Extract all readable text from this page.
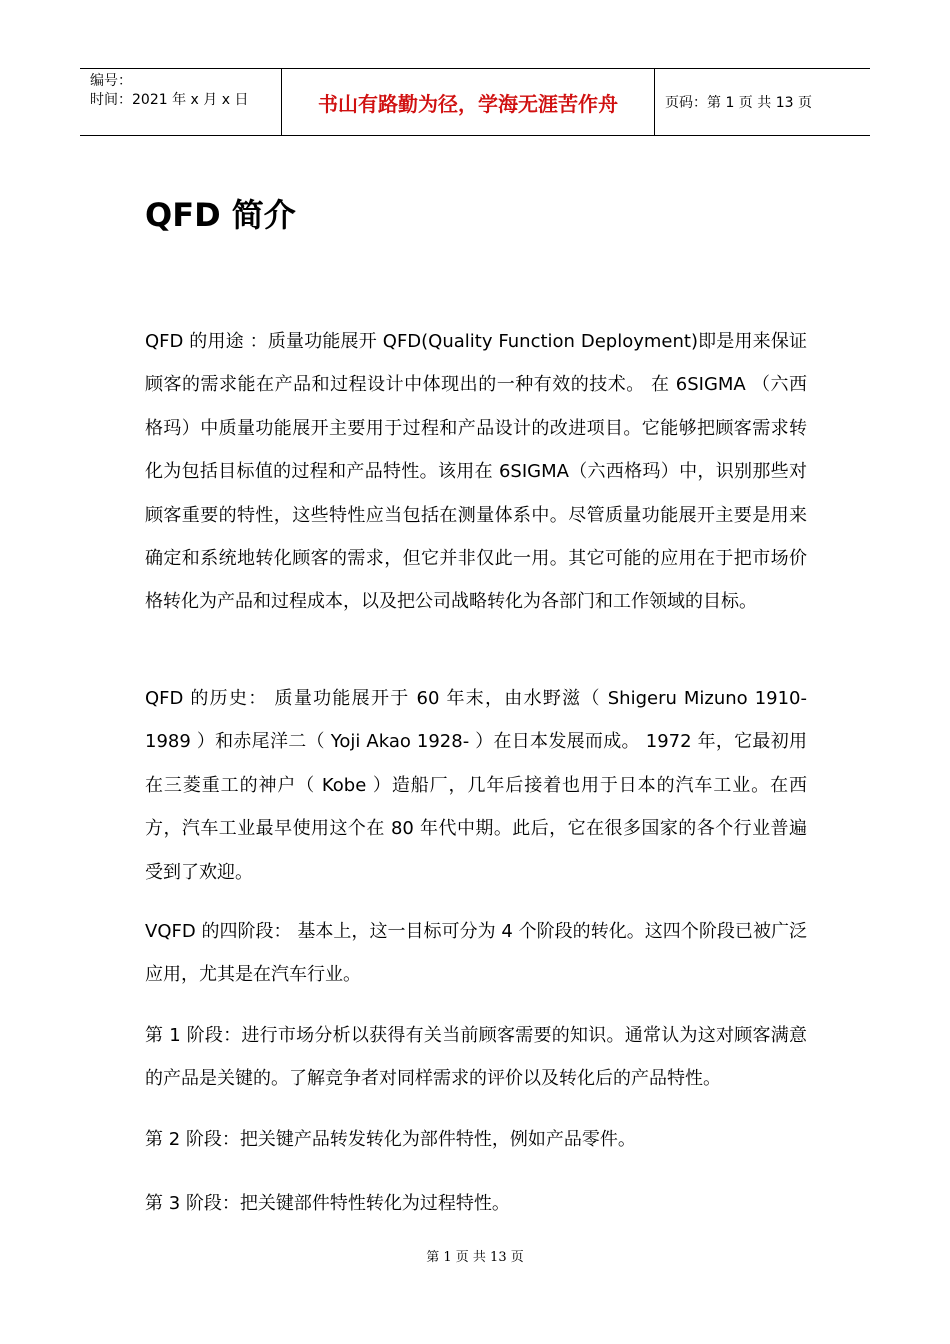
编号：
时间：2021 年 x 月 x 日	书山有路勤为径，学海无涯苦作舟	页码：第 1 页 共 13 页
QFD 简介

QFD 的用途 ：质量功能展开 QFD(Quality Function Deployment)即是用来保证顾客的需求能在产品和过程设计中体现出的一种有效的技术。 在 6SIGMA （六西格玛）中质量功能展开主要用于过程和产品设计的改进项目。它能够把顾客需求转化为包括目标值的过程和产品特性。该用在 6SIGMA（六西格玛）中，识别那些对顾客重要的特性，这些特性应当包括在测量体系中。尽管质量功能展开主要是用来确定和系统地转化顾客的需求，但它并非仅此一用。其它可能的应用在于把市场价格转化为产品和过程成本，以及把公司战略转化为各部门和工作领域的目标。

QFD 的历史： 质量功能展开于 60 年末，由水野滋（ Shigeru Mizuno 1910-1989 ）和赤尾洋二（ Yoji Akao 1928- ）在日本发展而成。 1972 年，它最初用在三菱重工的神户（ Kobe ）造船厂，几年后接着也用于日本的汽车工业。在西方，汽车工业最早使用这个在 80 年代中期。此后，它在很多国家的各个行业普遍受到了欢迎。

VQFD 的四阶段： 基本上，这一目标可分为 4 个阶段的转化。这四个阶段已被广泛应用，尤其是在汽车行业。

第 1 阶段：进行市场分析以获得有关当前顾客需要的知识。通常认为这对顾客满意的产品是关键的。了解竞争者对同样需求的评价以及转化后的产品特性。

第 2 阶段：把关键产品转发转化为部件特性，例如产品零件。

第 3 阶段：把关键部件特性转化为过程特性。

第 1 页 共 13 页
